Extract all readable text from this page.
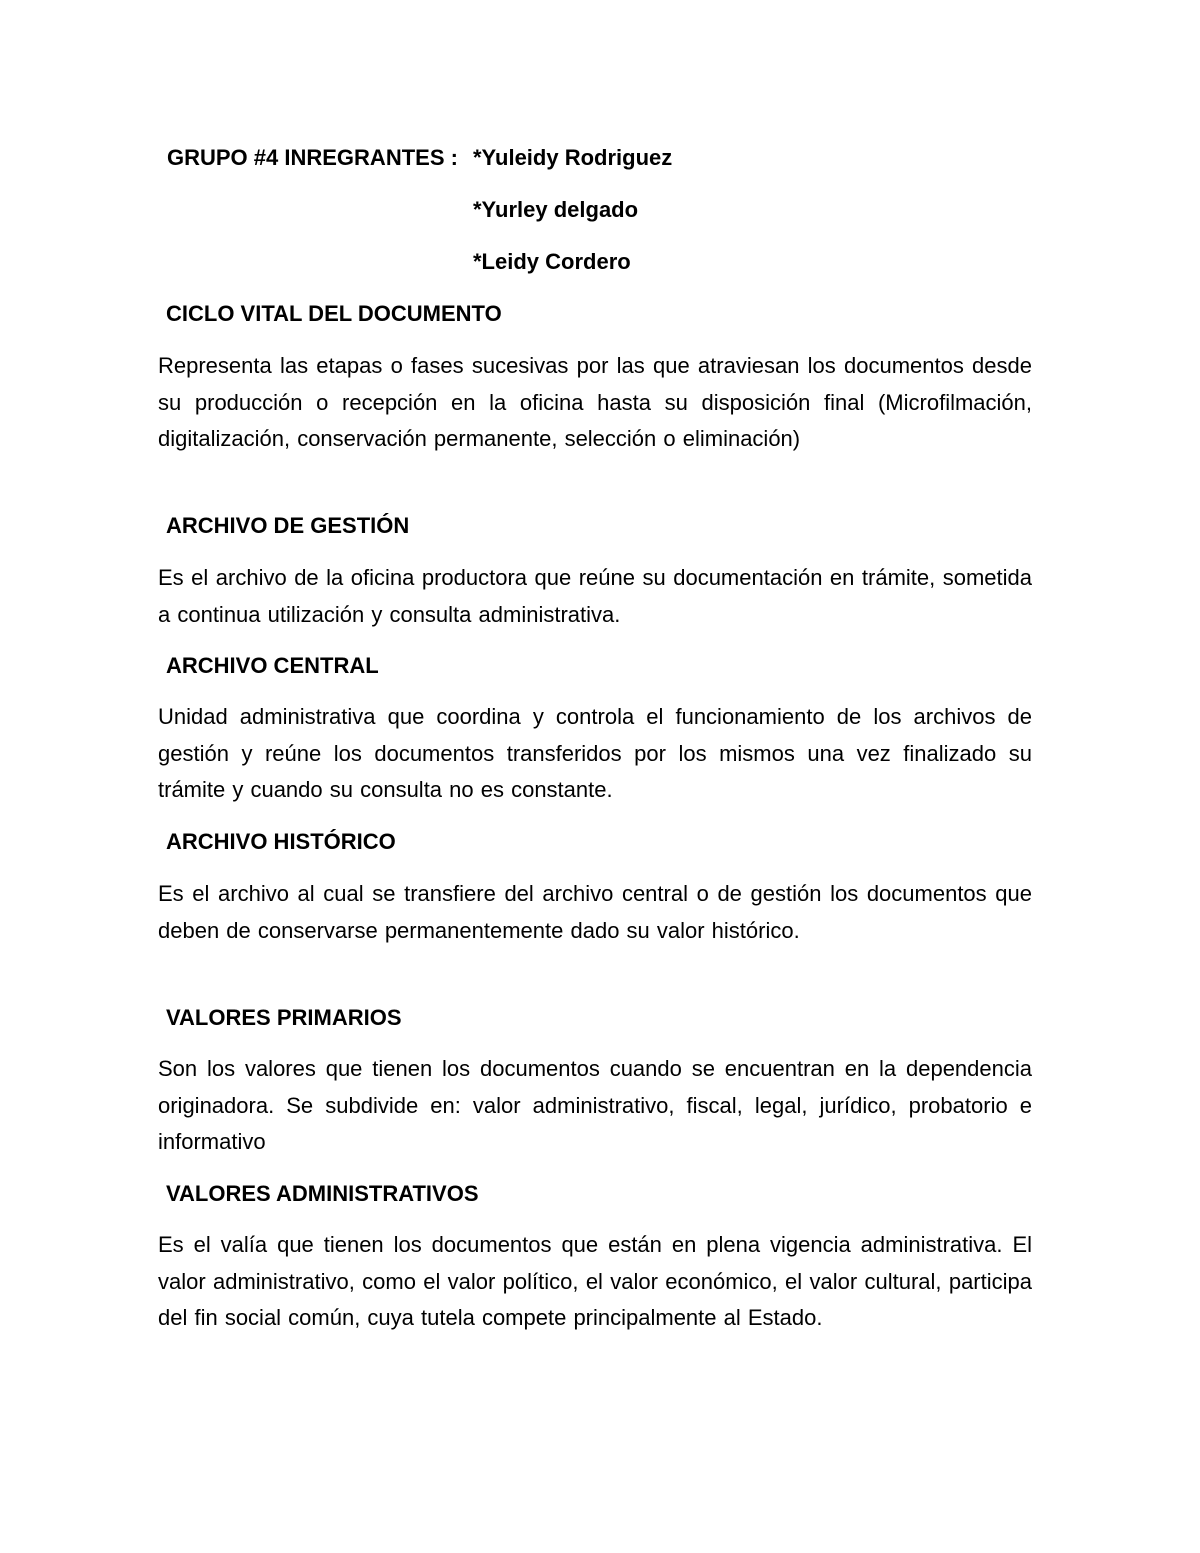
GRUPO #4 INREGRANTES : *Yuleidy Rodriguez
*Yurley delgado
*Leidy Cordero
CICLO VITAL DEL DOCUMENTO
Representa las etapas o fases sucesivas por las que atraviesan los documentos desde su producción o recepción en la oficina hasta su disposición final (Microfilmación, digitalización, conservación permanente, selección o eliminación)
ARCHIVO DE GESTIÓN
Es el archivo de la oficina productora que reúne su documentación en trámite, sometida a continua utilización y consulta administrativa.
ARCHIVO CENTRAL
Unidad administrativa que coordina y controla el funcionamiento de los archivos de gestión y reúne los documentos transferidos por los mismos una vez finalizado su trámite y cuando su consulta no es constante.
ARCHIVO HISTÓRICO
Es el archivo al cual se transfiere del archivo central o de gestión los documentos que deben de conservarse permanentemente dado su valor histórico.
VALORES PRIMARIOS
Son los valores que tienen los documentos cuando se encuentran en la dependencia originadora. Se subdivide en: valor administrativo, fiscal, legal, jurídico, probatorio e informativo
VALORES ADMINISTRATIVOS
Es el valía que tienen los documentos que están en plena vigencia administrativa. El valor administrativo, como el valor político, el valor económico, el valor cultural, participa del fin social común, cuya tutela compete principalmente al Estado.
